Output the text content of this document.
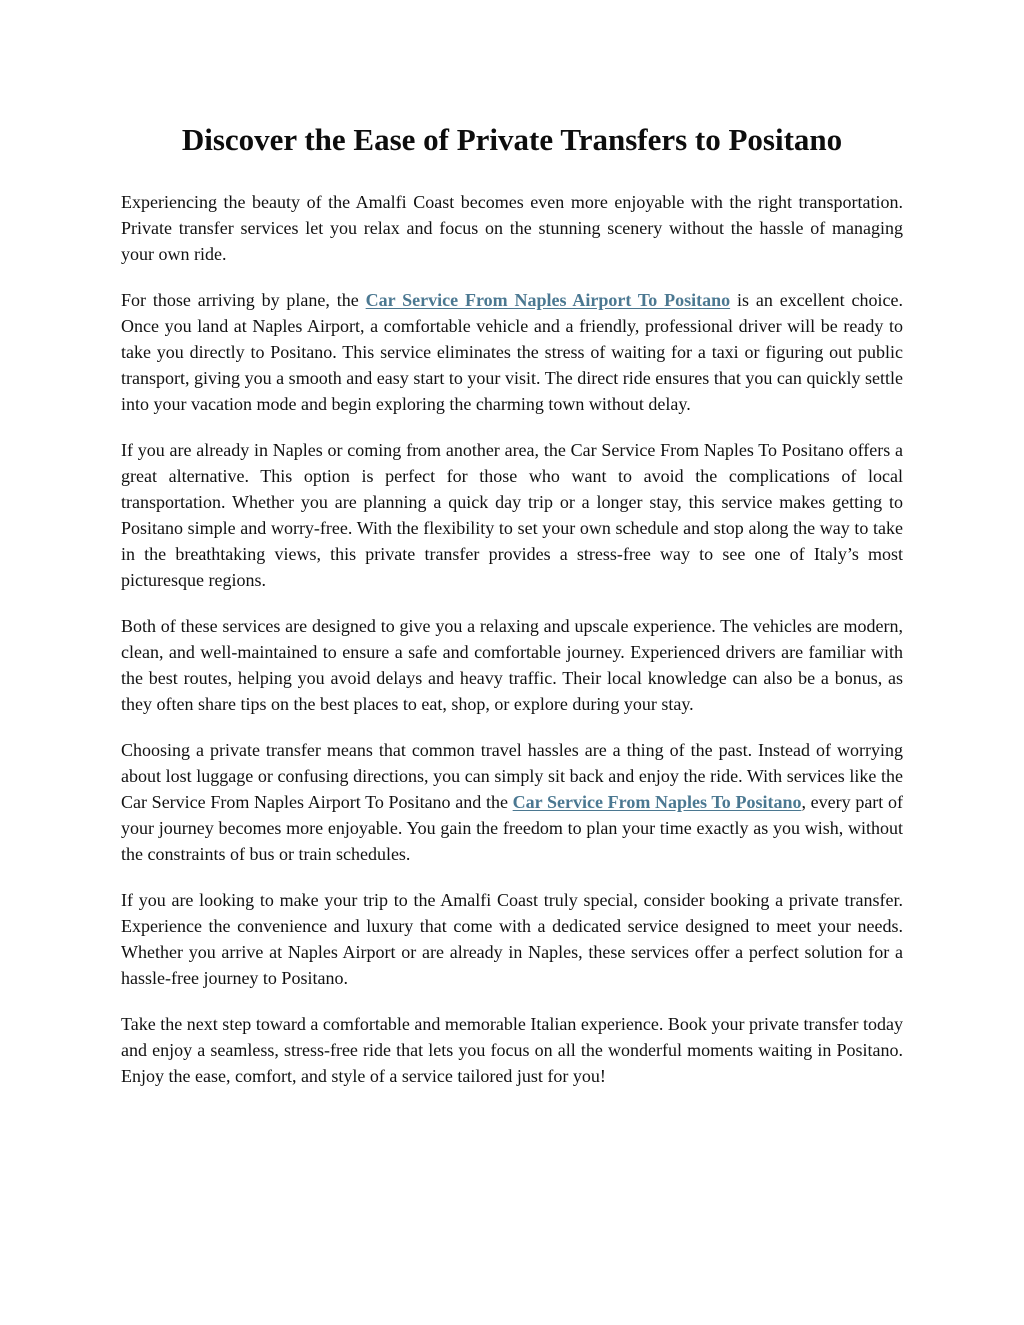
Discover the Ease of Private Transfers to Positano

Experiencing the beauty of the Amalfi Coast becomes even more enjoyable with the right transportation. Private transfer services let you relax and focus on the stunning scenery without the hassle of managing your own ride.

For those arriving by plane, the Car Service From Naples Airport To Positano is an excellent choice. Once you land at Naples Airport, a comfortable vehicle and a friendly, professional driver will be ready to take you directly to Positano. This service eliminates the stress of waiting for a taxi or figuring out public transport, giving you a smooth and easy start to your visit. The direct ride ensures that you can quickly settle into your vacation mode and begin exploring the charming town without delay.

If you are already in Naples or coming from another area, the Car Service From Naples To Positano offers a great alternative. This option is perfect for those who want to avoid the complications of local transportation. Whether you are planning a quick day trip or a longer stay, this service makes getting to Positano simple and worry-free. With the flexibility to set your own schedule and stop along the way to take in the breathtaking views, this private transfer provides a stress-free way to see one of Italy’s most picturesque regions.

Both of these services are designed to give you a relaxing and upscale experience. The vehicles are modern, clean, and well-maintained to ensure a safe and comfortable journey. Experienced drivers are familiar with the best routes, helping you avoid delays and heavy traffic. Their local knowledge can also be a bonus, as they often share tips on the best places to eat, shop, or explore during your stay.

Choosing a private transfer means that common travel hassles are a thing of the past. Instead of worrying about lost luggage or confusing directions, you can simply sit back and enjoy the ride. With services like the Car Service From Naples Airport To Positano and the Car Service From Naples To Positano, every part of your journey becomes more enjoyable. You gain the freedom to plan your time exactly as you wish, without the constraints of bus or train schedules.

If you are looking to make your trip to the Amalfi Coast truly special, consider booking a private transfer. Experience the convenience and luxury that come with a dedicated service designed to meet your needs. Whether you arrive at Naples Airport or are already in Naples, these services offer a perfect solution for a hassle-free journey to Positano.

Take the next step toward a comfortable and memorable Italian experience. Book your private transfer today and enjoy a seamless, stress-free ride that lets you focus on all the wonderful moments waiting in Positano. Enjoy the ease, comfort, and style of a service tailored just for you!
